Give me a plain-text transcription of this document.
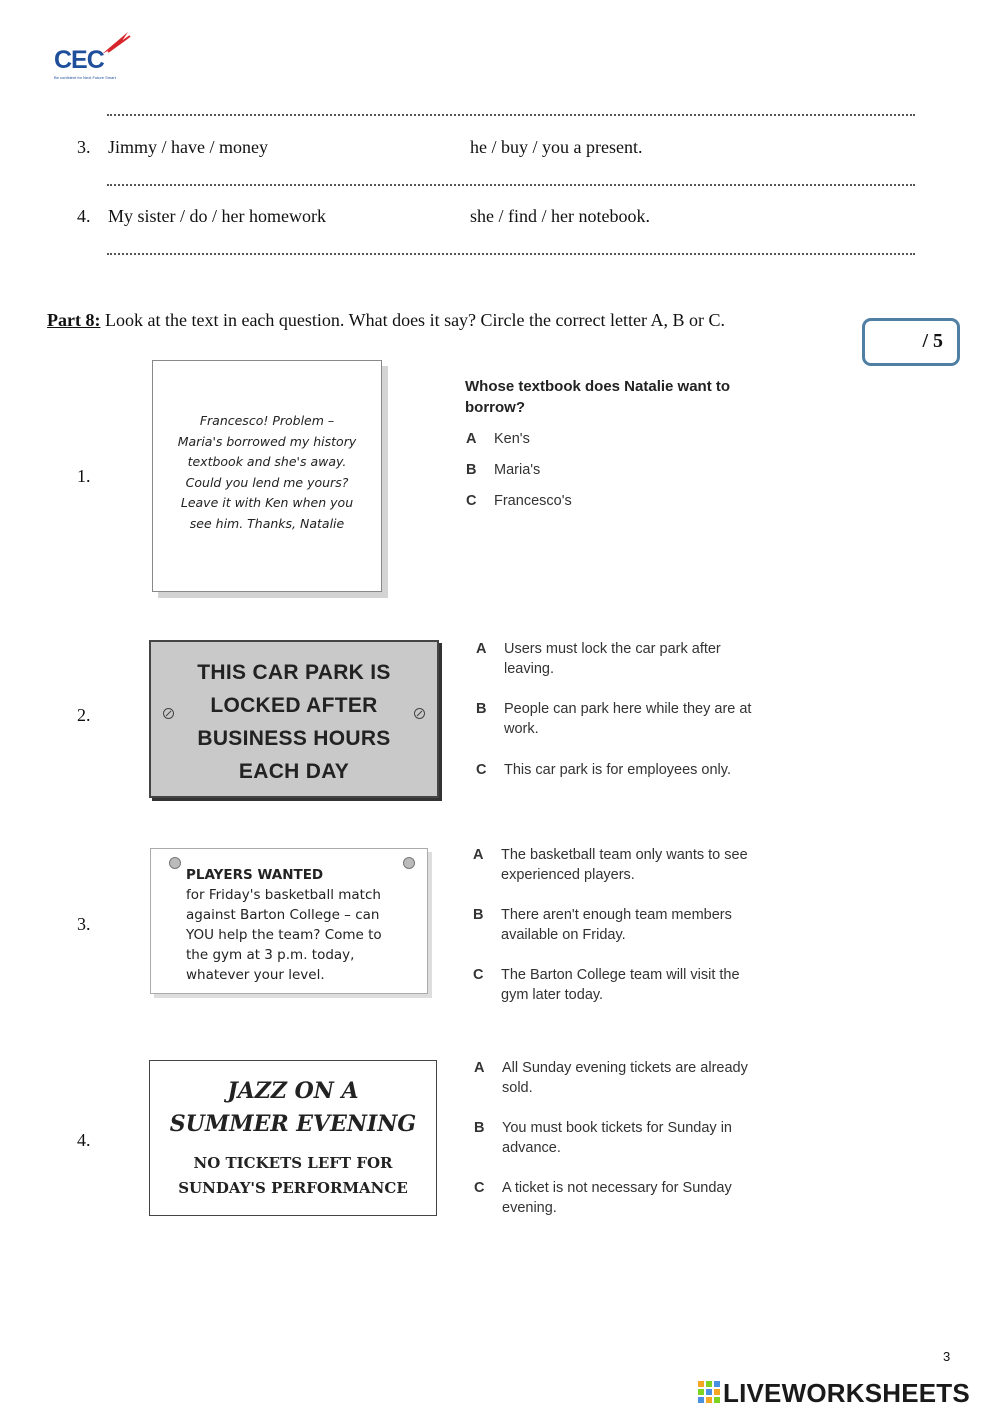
CEC
Be confident for Next Future Smart
3. Jimmy / have / money	he / buy / you a present.
4. My sister / do / her homework	she / find / her notebook.
Part 8: Look at the text in each question. What does it say? Circle the correct letter A, B or C.
/ 5
1.
Francesco! Problem –
Maria's borrowed my history
textbook and she's away.
Could you lend me yours?
Leave it with Ken when you
see him. Thanks, Natalie
Whose textbook does Natalie want to borrow?
A Ken's
B Maria's
C Francesco's
2.
THIS CAR PARK IS
LOCKED AFTER
BUSINESS HOURS
EACH DAY
A Users must lock the car park after
leaving.
B People can park here while they are at
work.
C This car park is for employees only.
3.
PLAYERS WANTED
for Friday's basketball match
against Barton College – can
YOU help the team? Come to
the gym at 3 p.m. today,
whatever your level.
A The basketball team only wants to see
experienced players.
B There aren't enough team members
available on Friday.
C The Barton College team will visit the
gym later today.
4.
JAZZ ON A
SUMMER EVENING
NO TICKETS LEFT FOR
SUNDAY'S PERFORMANCE
A All Sunday evening tickets are already
sold.
B You must book tickets for Sunday in
advance.
C A ticket is not necessary for Sunday
evening.
3
LIVEWORKSHEETS
